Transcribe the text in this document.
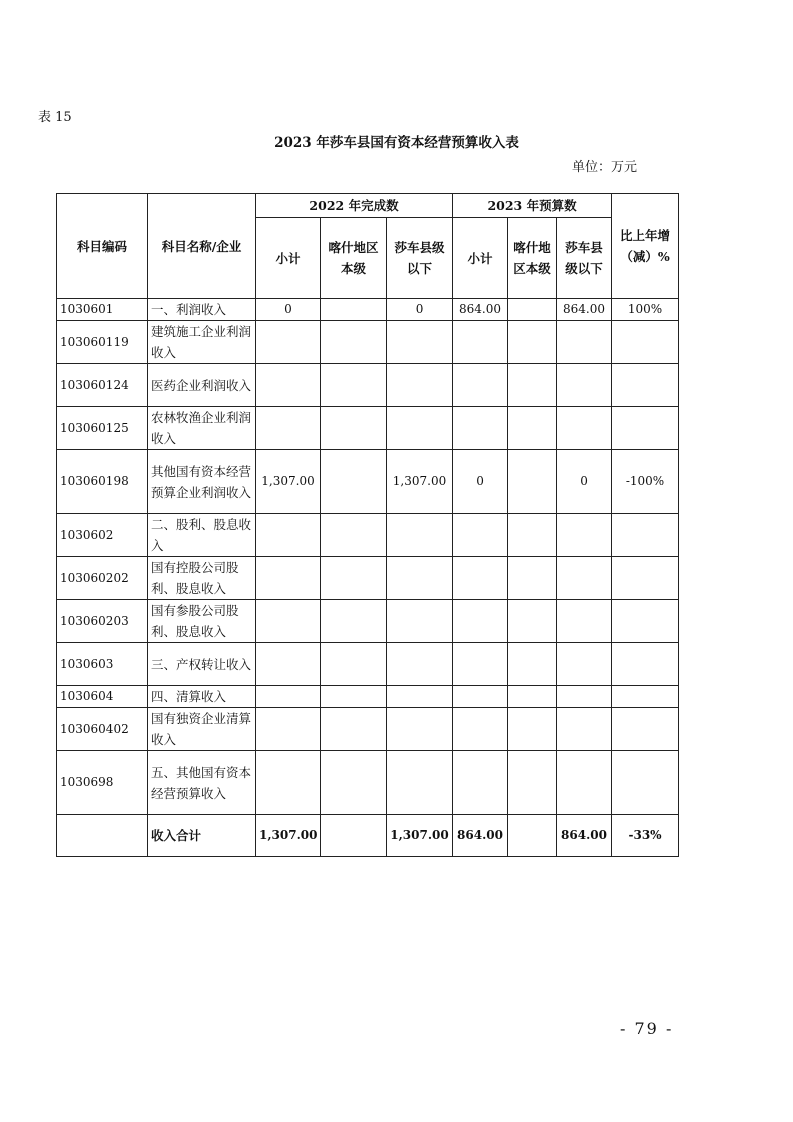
表 15
2023 年莎车县国有资本经营预算收入表
单位：万元
科目编码	科目名称/企业	2022 年完成数			2023 年预算数			比上年增（减）%
		小计	喀什地区本级	莎车县级以下	小计	喀什地区本级	莎车县级以下	
1030601	一、利润收入	0		0	864.00		864.00	100%
103060119	建筑施工企业利润收入							
103060124	医药企业利润收入							
103060125	农林牧渔企业利润收入							
103060198	其他国有资本经营预算企业利润收入	1,307.00		1,307.00	0		0	-100%
1030602	二、股利、股息收入							
103060202	国有控股公司股利、股息收入							
103060203	国有参股公司股利、股息收入							
1030603	三、产权转让收入							
1030604	四、清算收入							
103060402	国有独资企业清算收入							
1030698	五、其他国有资本经营预算收入							
	收入合计	1,307.00		1,307.00	864.00		864.00	-33%
- 79 -
